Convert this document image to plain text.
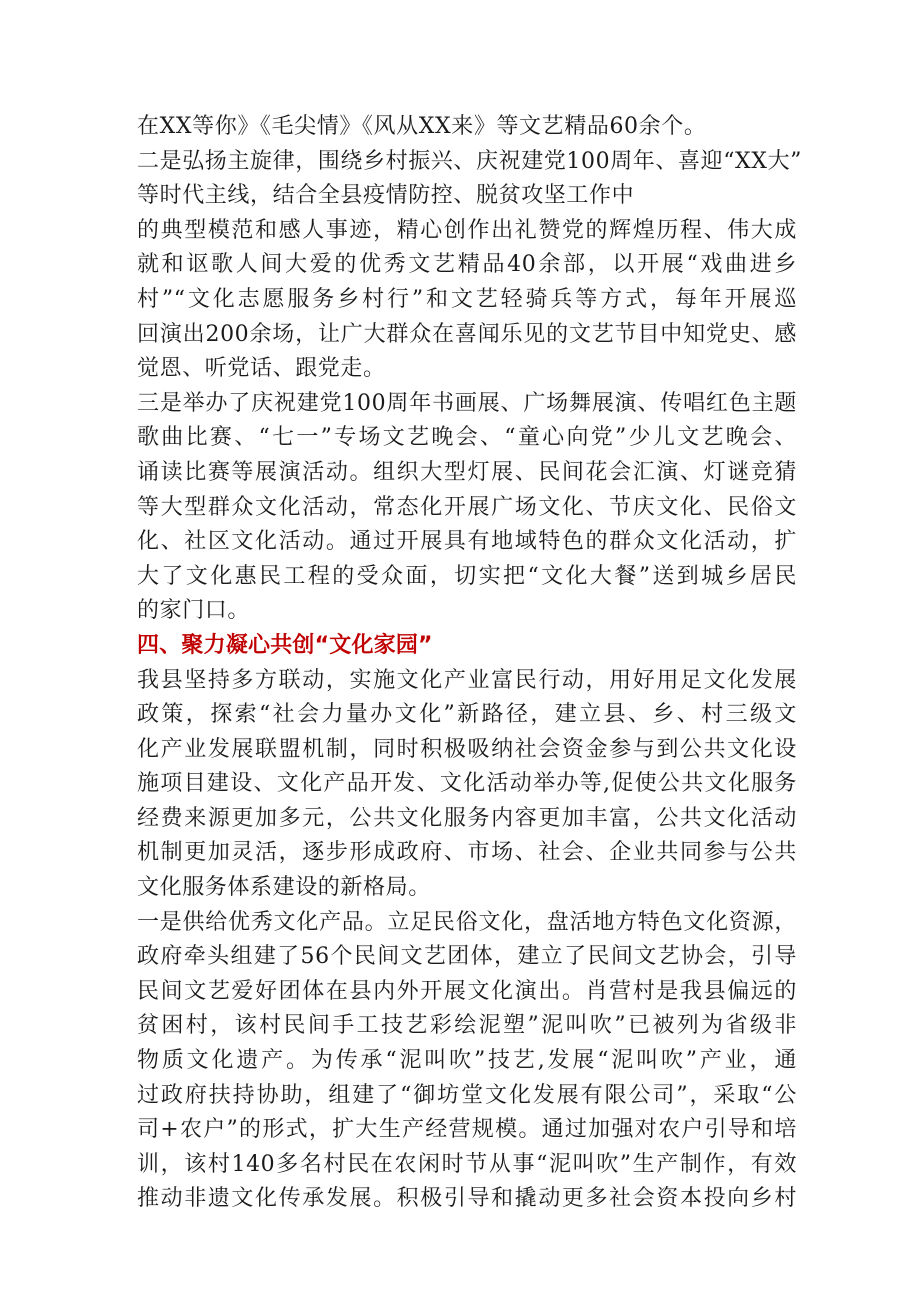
在XX等你》《毛尖情》《风从XX来》等文艺精品60余个。
二是弘扬主旋律，围绕乡村振兴、庆祝建党100周年、喜迎“XX大”
等时代主线，结合全县疫情防控、脱贫攻坚工作中
的典型模范和感人事迹，精心创作出礼赞党的辉煌历程、伟大成
就和讴歌人间大爱的优秀文艺精品40余部，以开展“戏曲进乡
村”“文化志愿服务乡村行”和文艺轻骑兵等方式，每年开展巡
回演出200余场，让广大群众在喜闻乐见的文艺节目中知党史、感
觉恩、听党话、跟党走。
三是举办了庆祝建党100周年书画展、广场舞展演、传唱红色主题
歌曲比赛、“七一”专场文艺晚会、“童心向党”少儿文艺晚会、
诵读比赛等展演活动。组织大型灯展、民间花会汇演、灯谜竞猜
等大型群众文化活动，常态化开展广场文化、节庆文化、民俗文
化、社区文化活动。通过开展具有地域特色的群众文化活动，扩
大了文化惠民工程的受众面，切实把“文化大餐”送到城乡居民
的家门口。
四、聚力凝心共创“文化家园”
我县坚持多方联动，实施文化产业富民行动，用好用足文化发展
政策，探索“社会力量办文化”新路径，建立县、乡、村三级文
化产业发展联盟机制，同时积极吸纳社会资金参与到公共文化设
施项目建设、文化产品开发、文化活动举办等,促使公共文化服务
经费来源更加多元，公共文化服务内容更加丰富，公共文化活动
机制更加灵活，逐步形成政府、市场、社会、企业共同参与公共
文化服务体系建设的新格局。
一是供给优秀文化产品。立足民俗文化，盘活地方特色文化资源，
政府牵头组建了56个民间文艺团体，建立了民间文艺协会，引导
民间文艺爱好团体在县内外开展文化演出。肖营村是我县偏远的
贫困村，该村民间手工技艺彩绘泥塑”泥叫吹”已被列为省级非
物质文化遗产。为传承“泥叫吹”技艺,发展“泥叫吹”产业，通
过政府扶持协助，组建了“御坊堂文化发展有限公司”，采取“公
司+农户”的形式，扩大生产经营规模。通过加强对农户引导和培
训，该村140多名村民在农闲时节从事“泥叫吹”生产制作，有效
推动非遗文化传承发展。积极引导和撬动更多社会资本投向乡村
